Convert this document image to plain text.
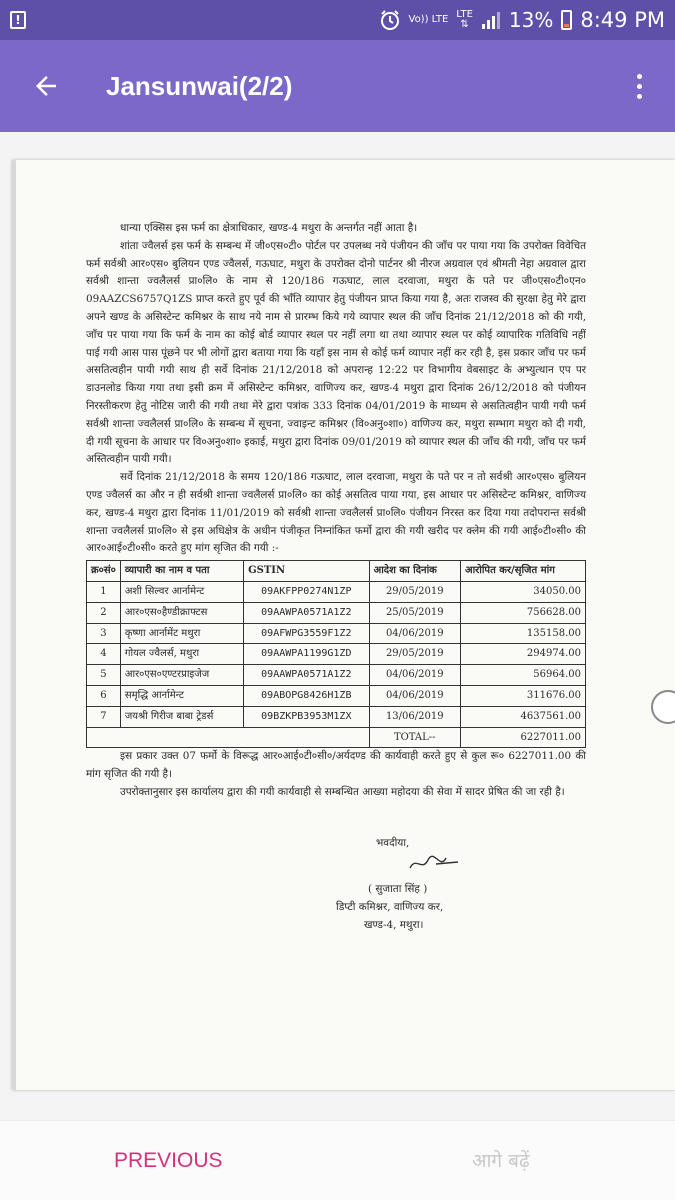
!	Vo)) LTE LTE
⇅ 13% 8:49 PM
Jansunwai(2/2)

धान्या एक्सिस इस फर्म का क्षेत्राधिकार, खण्ड-4 मथुरा के अन्तर्गत नहीं आता है।

शांता ज्वैलर्स इस फर्म के सम्बन्ध में जी०एस०टी० पोर्टल पर उपलब्ध नये पंजीयन की जाँच पर पाया गया कि उपरोक्त विवेचित फर्म सर्वश्री आर०एस० बुलियन एण्ड ज्वैलर्स, गऊघाट, मथुरा के उपरोक्त दोनो पार्टनर श्री नीरज अग्रवाल एवं श्रीमती नेहा अग्रवाल द्वारा सर्वश्री शान्ता ज्वलैलर्स प्रा०लि० के नाम से 120/186 गऊघाट, लाल दरवाजा, मथुरा के पते पर जी०एस०टी०एन० 09AAZCS6757Q1ZS प्राप्त करते हुए पूर्व की भाँति व्यापार हेतु पंजीयन प्राप्त किया गया है, अतः राजस्व की सुरक्षा हेतु मेरे द्वारा अपने खण्ड के असिस्टेन्ट कमिश्नर के साथ नये नाम से प्रारम्भ किये गये व्यापार स्थल की जाँच दिनांक 21/12/2018 को की गयी, जाँच पर पाया गया कि फर्म के नाम का कोई बोर्ड व्यापार स्थल पर नहीं लगा था तथा व्यापार स्थल पर कोई व्यापारिक गतिविधि नहीं पाई गयी आस पास पूंछने पर भी लोगों द्वारा बताया गया कि यहाँ इस नाम से कोई फर्म व्यापार नहीं कर रही है, इस प्रकार जाँच पर फर्म असतित्वहीन पायी गयी साथ ही सर्वे दिनांक 21/12/2018 को अपरान्ह 12:22 पर विभागीय वेबसाइट के अभ्युत्थान एप पर डाउनलोड किया गया तथा इसी क्रम में असिस्टेन्ट कमिश्नर, वाणिज्य कर, खण्ड-4 मथुरा द्वारा दिनांक 26/12/2018 को पंजीयन निरस्तीकरण हेतु नोटिस जारी की गयी तथा मेरे द्वारा पत्रांक 333 दिनांक 04/01/2019 के माध्यम से असतित्वहीन पायी गयी फर्म सर्वश्री शान्ता ज्वलैलर्स प्रा०लि० के सम्बन्ध में सूचना, ज्वाइन्ट कमिश्नर (वि०अनु०शा०) वाणिज्य कर, मथुरा सम्भाग मथुरा को दी गयी, दी गयी सूचना के आधार पर वि०अनु०शा० इकाई, मथुरा द्वारा दिनांक 09/01/2019 को व्यापार स्थल की जाँच की गयी, जाँच पर फर्म अस्तित्वहीन पायी गयी।

सर्वे दिनांक 21/12/2018 के समय 120/186 गऊघाट, लाल दरवाजा, मथुरा के पते पर न तो सर्वश्री आर०एस० बुलियन एण्ड ज्वैलर्स का और न ही सर्वश्री शान्ता ज्वलैलर्स प्रा०लि० का कोई असतित्व पाया गया, इस आधार पर असिस्टेन्ट कमिश्नर, वाणिज्य कर, खण्ड-4 मथुरा द्वारा दिनांक 11/01/2019 को सर्वश्री शान्ता ज्वलैलर्स प्रा०लि० पंजीयन निरस्त कर दिया गया तदोपरान्त सर्वश्री शान्ता ज्वलैलर्स प्रा०लि० से इस अधिक्षेत्र के अधीन पंजीकृत निम्नांकित फर्मो द्वारा की गयी खरीद पर क्लेम की गयी आई०टी०सी० की आर०आई०टी०सी० करते हुए मांग सृजित की गयी :-

क्र०सं०	व्यापारी का नाम व पता	GSTIN	आदेश का दिनांक	आरोपित कर/सृजित मांग
1	अशी सिल्वर आर्नामेन्ट	09AKFPP0274N1ZP	29/05/2019	34050.00
2	आर०एस०हैण्डीक्राफ्टस	09AAWPA0571A1Z2	25/05/2019	756628.00
3	कृष्णा आर्नामेंट मथुरा	09AFWPG3559F1Z2	04/06/2019	135158.00
4	गोयल ज्वैलर्स, मथुरा	09AAWPA1199G1ZD	29/05/2019	294974.00
5	आर०एस०एण्टरप्राइजेज	09AAWPA0571A1Z2	04/06/2019	56964.00
6	समृद्धि आर्नामेन्ट	09ABOPG8426H1ZB	04/06/2019	311676.00
7	जयश्री गिरीज बाबा ट्रेडर्स	09BZKPB3953M1ZX	13/06/2019	4637561.00
			TOTAL--	6227011.00

इस प्रकार उक्त 07 फर्मो के विरूद्ध आर०आई०टी०सी०/अर्यदण्ड की कार्यवाही करते हुए से कुल रू० 6227011.00 की मांग सृजित की गयी है।

उपरोक्तानुसार इस कार्यालय द्वारा की गयी कार्यवाही से सम्बन्धित आख्या महोदया की सेवा में सादर प्रेषित की जा रही है।

भवदीया,
( सुजाता सिंह )
डिप्टी कमिश्नर, वाणिज्य कर,
खण्ड-4, मथुरा।
PREVIOUS	आगे बढ़ें
